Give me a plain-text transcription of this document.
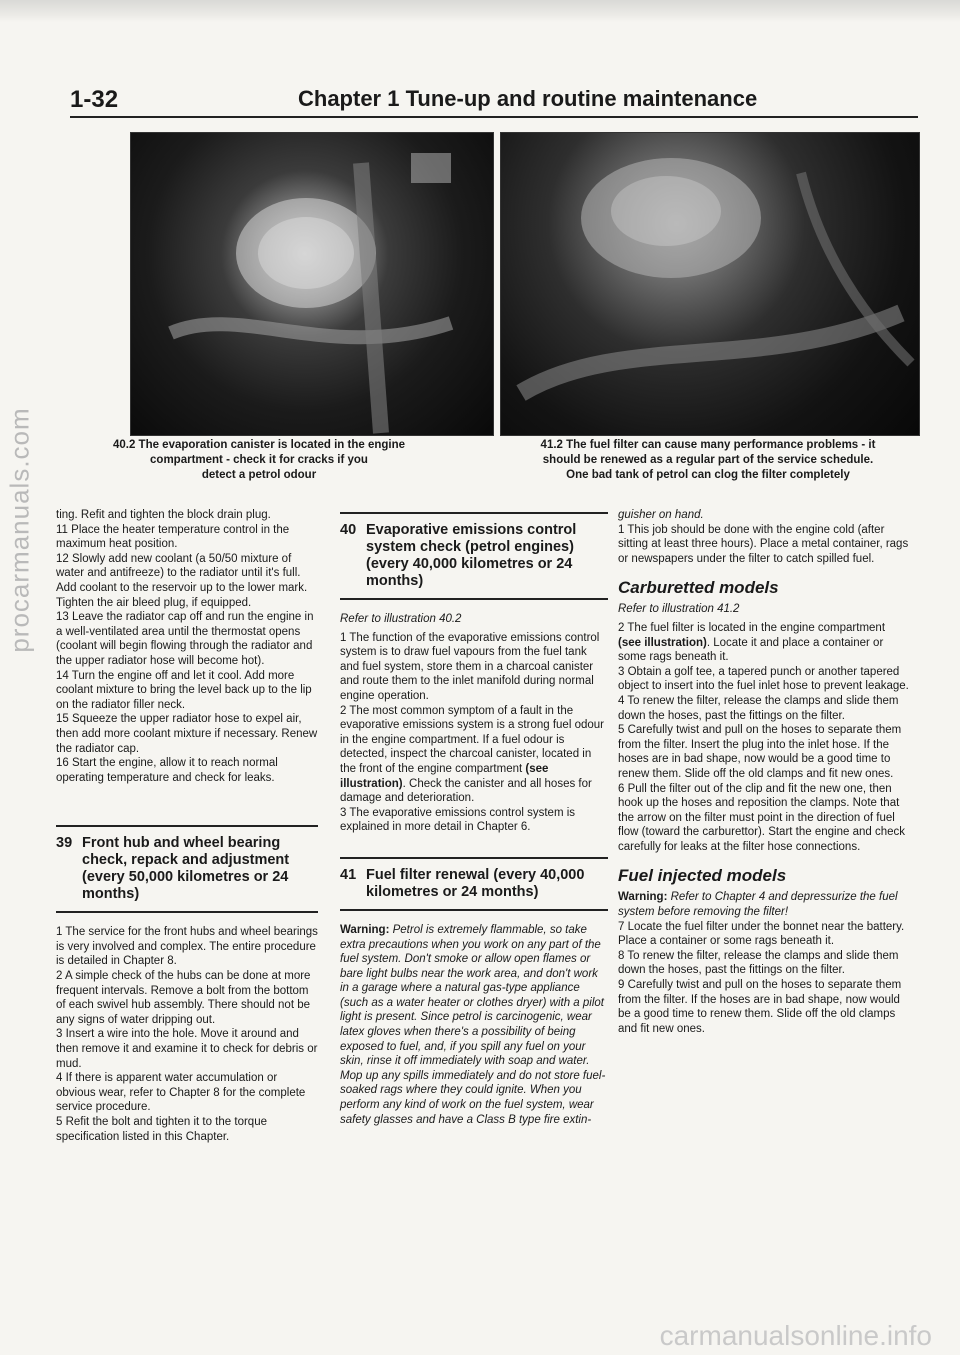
1-32	Chapter 1 Tune-up and routine maintenance
40.2 The evaporation canister is located in the engine
compartment - check it for cracks if you
detect a petrol odour
41.2 The fuel filter can cause many performance problems - it
should be renewed as a regular part of the service schedule.
One bad tank of petrol can clog the filter completely

ting. Refit and tighten the block drain plug.

11 Place the heater temperature control in the maximum heat position.

12 Slowly add new coolant (a 50/50 mixture of water and antifreeze) to the radiator until it's full. Add coolant to the reservoir up to the lower mark. Tighten the air bleed plug, if equipped.

13 Leave the radiator cap off and run the engine in a well-ventilated area until the thermostat opens (coolant will begin flowing through the radiator and the upper radiator hose will become hot).

14 Turn the engine off and let it cool. Add more coolant mixture to bring the level back up to the lip on the radiator filler neck.

15 Squeeze the upper radiator hose to expel air, then add more coolant mixture if necessary. Renew the radiator cap.

16 Start the engine, allow it to reach normal operating temperature and check for leaks.

39 Front hub and wheel bearing check, repack and adjustment (every 50,000 kilometres or 24 months)

1 The service for the front hubs and wheel bearings is very involved and complex. The entire procedure is detailed in Chapter 8.

2 A simple check of the hubs can be done at more frequent intervals. Remove a bolt from the bottom of each swivel hub assembly. There should not be any signs of water dripping out.

3 Insert a wire into the hole. Move it around and then remove it and examine it to check for debris or mud.

4 If there is apparent water accumulation or obvious wear, refer to Chapter 8 for the complete service procedure.

5 Refit the bolt and tighten it to the torque specification listed in this Chapter.

40 Evaporative emissions control system check (petrol engines) (every 40,000 kilometres or 24 months)
Refer to illustration 40.2

1 The function of the evaporative emissions control system is to draw fuel vapours from the fuel tank and fuel system, store them in a charcoal canister and route them to the inlet manifold during normal engine operation.

2 The most common symptom of a fault in the evaporative emissions system is a strong fuel odour in the engine compartment. If a fuel odour is detected, inspect the charcoal canister, located in the front of the engine compartment (see illustration). Check the canister and all hoses for damage and deterioration.

3 The evaporative emissions control system is explained in more detail in Chapter 6.

41 Fuel filter renewal (every 40,000 kilometres or 24 months)

Warning: Petrol is extremely flammable, so take extra precautions when you work on any part of the fuel system. Don't smoke or allow open flames or bare light bulbs near the work area, and don't work in a garage where a natural gas-type appliance (such as a water heater or clothes dryer) with a pilot light is present. Since petrol is carcinogenic, wear latex gloves when there's a possibility of being exposed to fuel, and, if you spill any fuel on your skin, rinse it off immediately with soap and water. Mop up any spills immediately and do not store fuel-soaked rags where they could ignite. When you perform any kind of work on the fuel system, wear safety glasses and have a Class B type fire extin-

guisher on hand.

1 This job should be done with the engine cold (after sitting at least three hours). Place a metal container, rags or newspapers under the filter to catch spilled fuel.

Carburetted models
Refer to illustration 41.2

2 The fuel filter is located in the engine compartment (see illustration). Locate it and place a container or some rags beneath it.

3 Obtain a golf tee, a tapered punch or another tapered object to insert into the fuel inlet hose to prevent leakage.

4 To renew the filter, release the clamps and slide them down the hoses, past the fittings on the filter.

5 Carefully twist and pull on the hoses to separate them from the filter. Insert the plug into the inlet hose. If the hoses are in bad shape, now would be a good time to renew them. Slide off the old clamps and fit new ones.

6 Pull the filter out of the clip and fit the new one, then hook up the hoses and reposition the clamps. Note that the arrow on the filter must point in the direction of fuel flow (toward the carburettor). Start the engine and check carefully for leaks at the filter hose connections.

Fuel injected models

Warning: Refer to Chapter 4 and depressurize the fuel system before removing the filter!

7 Locate the fuel filter under the bonnet near the battery. Place a container or some rags beneath it.

8 To renew the filter, release the clamps and slide them down the hoses, past the fittings on the filter.

9 Carefully twist and pull on the hoses to separate them from the filter. If the hoses are in bad shape, now would be a good time to renew them. Slide off the old clamps and fit new ones.

procarmanuals.com
carmanualsonline.info
